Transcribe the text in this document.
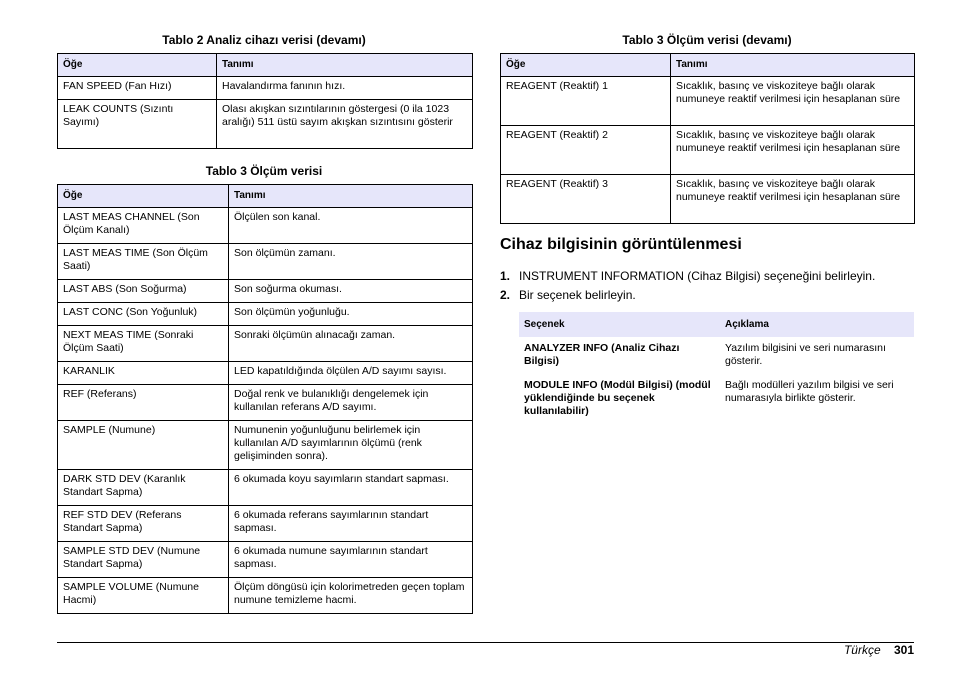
Tablo 2 Analiz cihazı verisi (devamı)
Öğe	Tanımı
FAN SPEED (Fan Hızı)	Havalandırma fanının hızı.
LEAK COUNTS (Sızıntı Sayımı)	Olası akışkan sızıntılarının göstergesi (0 ila 1023 aralığı) 511 üstü sayım akışkan sızıntısını gösterir
Tablo 3 Ölçüm verisi
Öğe	Tanımı
LAST MEAS CHANNEL (Son Ölçüm Kanalı)	Ölçülen son kanal.
LAST MEAS TIME (Son Ölçüm Saati)	Son ölçümün zamanı.
LAST ABS (Son Soğurma)	Son soğurma okuması.
LAST CONC (Son Yoğunluk)	Son ölçümün yoğunluğu.
NEXT MEAS TIME (Sonraki Ölçüm Saati)	Sonraki ölçümün alınacağı zaman.
KARANLIK	LED kapatıldığında ölçülen A/D sayımı sayısı.
REF (Referans)	Doğal renk ve bulanıklığı dengelemek için kullanılan referans A/D sayımı.
SAMPLE (Numune)	Numunenin yoğunluğunu belirlemek için kullanılan A/D sayımlarının ölçümü (renk gelişiminden sonra).
DARK STD DEV (Karanlık Standart Sapma)	6 okumada koyu sayımların standart sapması.
REF STD DEV (Referans Standart Sapma)	6 okumada referans sayımlarının standart sapması.
SAMPLE STD DEV (Numune Standart Sapma)	6 okumada numune sayımlarının standart sapması.
SAMPLE VOLUME (Numune Hacmi)	Ölçüm döngüsü için kolorimetreden geçen toplam numune temizleme hacmi.
Tablo 3 Ölçüm verisi (devamı)
Öğe	Tanımı
REAGENT (Reaktif) 1	Sıcaklık, basınç ve viskoziteye bağlı olarak numuneye reaktif verilmesi için hesaplanan süre
REAGENT (Reaktif) 2	Sıcaklık, basınç ve viskoziteye bağlı olarak numuneye reaktif verilmesi için hesaplanan süre
REAGENT (Reaktif) 3	Sıcaklık, basınç ve viskoziteye bağlı olarak numuneye reaktif verilmesi için hesaplanan süre
Cihaz bilgisinin görüntülenmesi
1. INSTRUMENT INFORMATION (Cihaz Bilgisi) seçeneğini belirleyin.
2. Bir seçenek belirleyin.
Seçenek	Açıklama
ANALYZER INFO (Analiz Cihazı Bilgisi)	Yazılım bilgisini ve seri numarasını gösterir.
MODULE INFO (Modül Bilgisi) (modül yüklendiğinde bu seçenek kullanılabilir)	Bağlı modülleri yazılım bilgisi ve seri numarasıyla birlikte gösterir.
Türkçe 301
